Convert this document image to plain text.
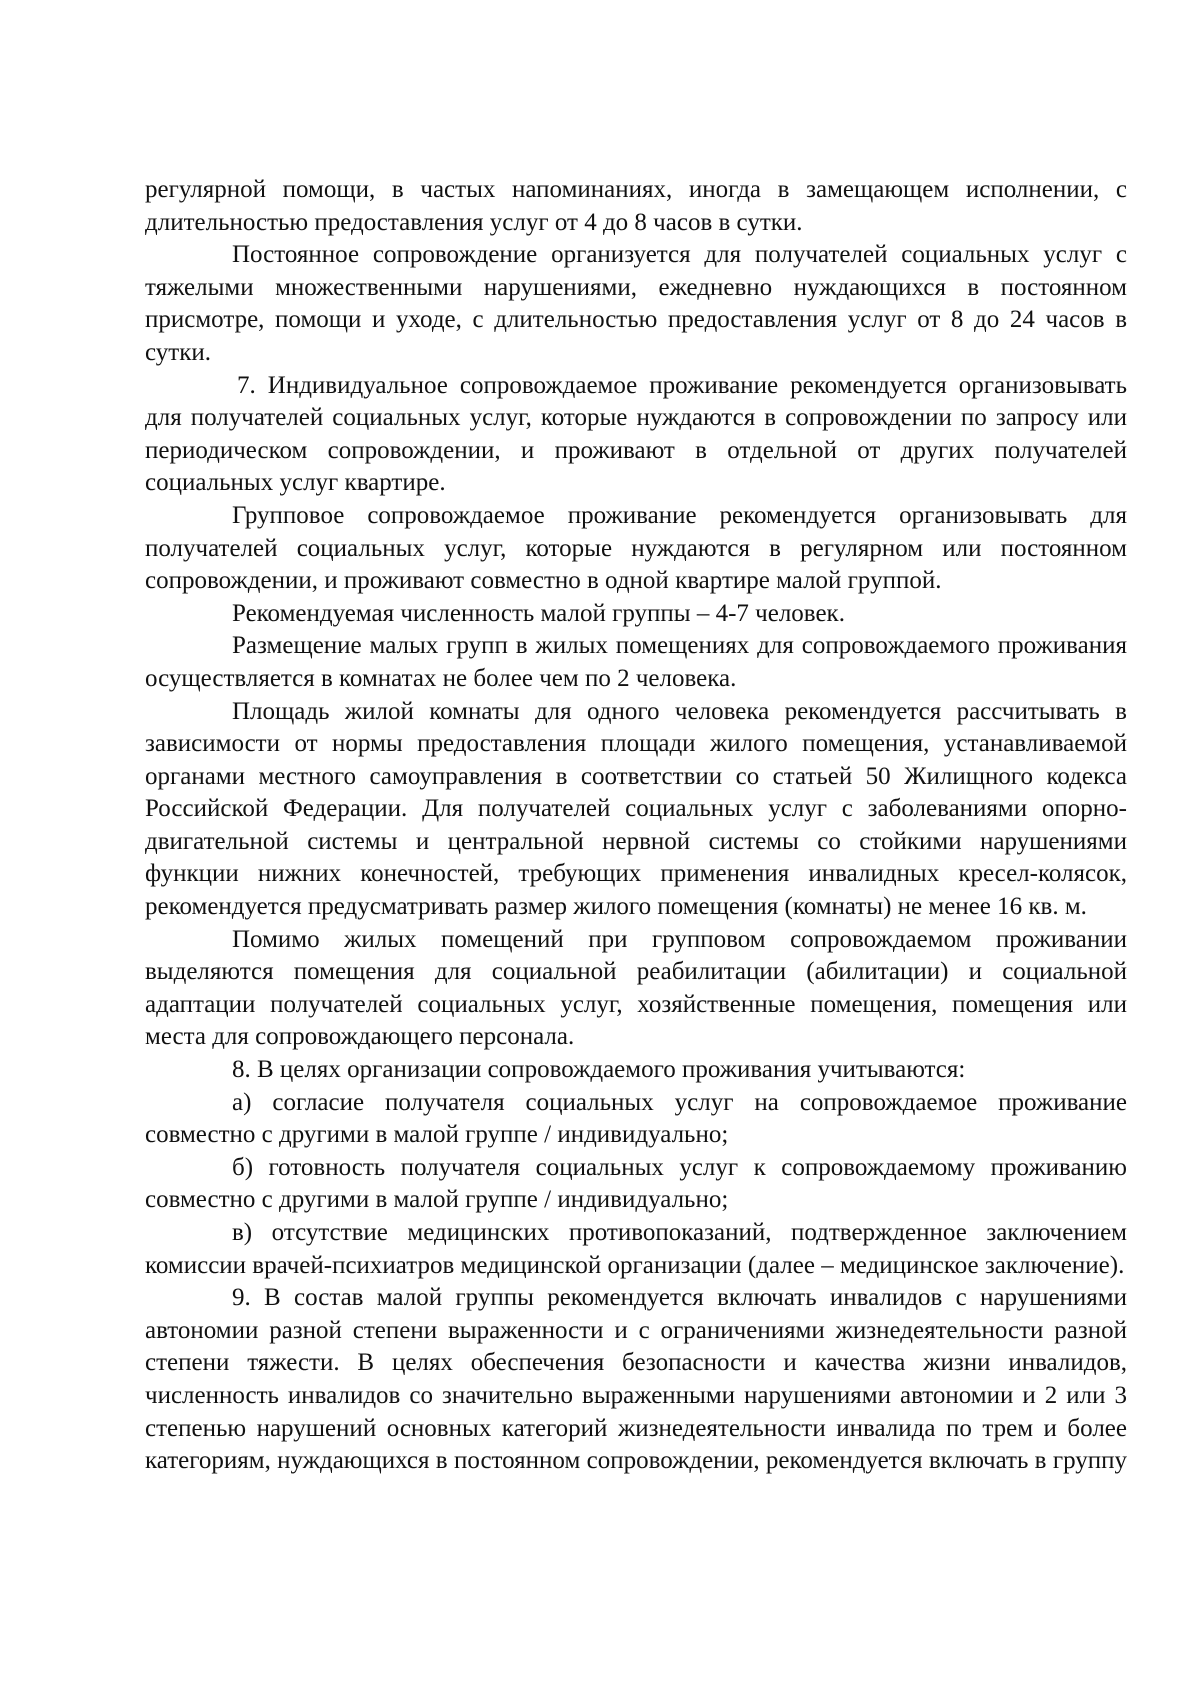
регулярной помощи, в частых напоминаниях, иногда в замещающем исполнении, с длительностью предоставления услуг от 4 до 8 часов в сутки.

Постоянное сопровождение организуется для получателей социальных услуг с тяжелыми множественными нарушениями, ежедневно нуждающихся в постоянном присмотре, помощи и уходе, с длительностью предоставления услуг от 8 до 24 часов в сутки.

7. Индивидуальное сопровождаемое проживание рекомендуется организовывать для получателей социальных услуг, которые нуждаются в сопровождении по запросу или периодическом сопровождении, и проживают в отдельной от других получателей социальных услуг квартире.

Групповое сопровождаемое проживание рекомендуется организовывать для получателей социальных услуг, которые нуждаются в регулярном или постоянном сопровождении, и проживают совместно в одной квартире малой группой.

Рекомендуемая численность малой группы – 4-7 человек.

Размещение малых групп в жилых помещениях для сопровождаемого проживания осуществляется в комнатах не более чем по 2 человека.

Площадь жилой комнаты для одного человека рекомендуется рассчитывать в зависимости от нормы предоставления площади жилого помещения, устанавливаемой органами местного самоуправления в соответствии со статьей 50 Жилищного кодекса Российской Федерации. Для получателей социальных услуг с заболеваниями опорно-двигательной системы и центральной нервной системы со стойкими нарушениями функции нижних конечностей, требующих применения инвалидных кресел-колясок, рекомендуется предусматривать размер жилого помещения (комнаты) не менее 16 кв. м.

Помимо жилых помещений при групповом сопровождаемом проживании выделяются помещения для социальной реабилитации (абилитации) и социальной адаптации получателей социальных услуг, хозяйственные помещения, помещения или места для сопровождающего персонала.

8. В целях организации сопровождаемого проживания учитываются:

а) согласие получателя социальных услуг на сопровождаемое проживание совместно с другими в малой группе / индивидуально;

б) готовность получателя социальных услуг к сопровождаемому проживанию совместно с другими в малой группе / индивидуально;

в) отсутствие медицинских противопоказаний, подтвержденное заключением комиссии врачей-психиатров медицинской организации (далее – медицинское заключение).

9. В состав малой группы рекомендуется включать инвалидов с нарушениями автономии разной степени выраженности и с ограничениями жизнедеятельности разной степени тяжести. В целях обеспечения безопасности и качества жизни инвалидов, численность инвалидов со значительно выраженными нарушениями автономии и 2 или 3 степенью нарушений основных категорий жизнедеятельности инвалида по трем и более категориям, нуждающихся в постоянном сопровождении, рекомендуется включать в группу
